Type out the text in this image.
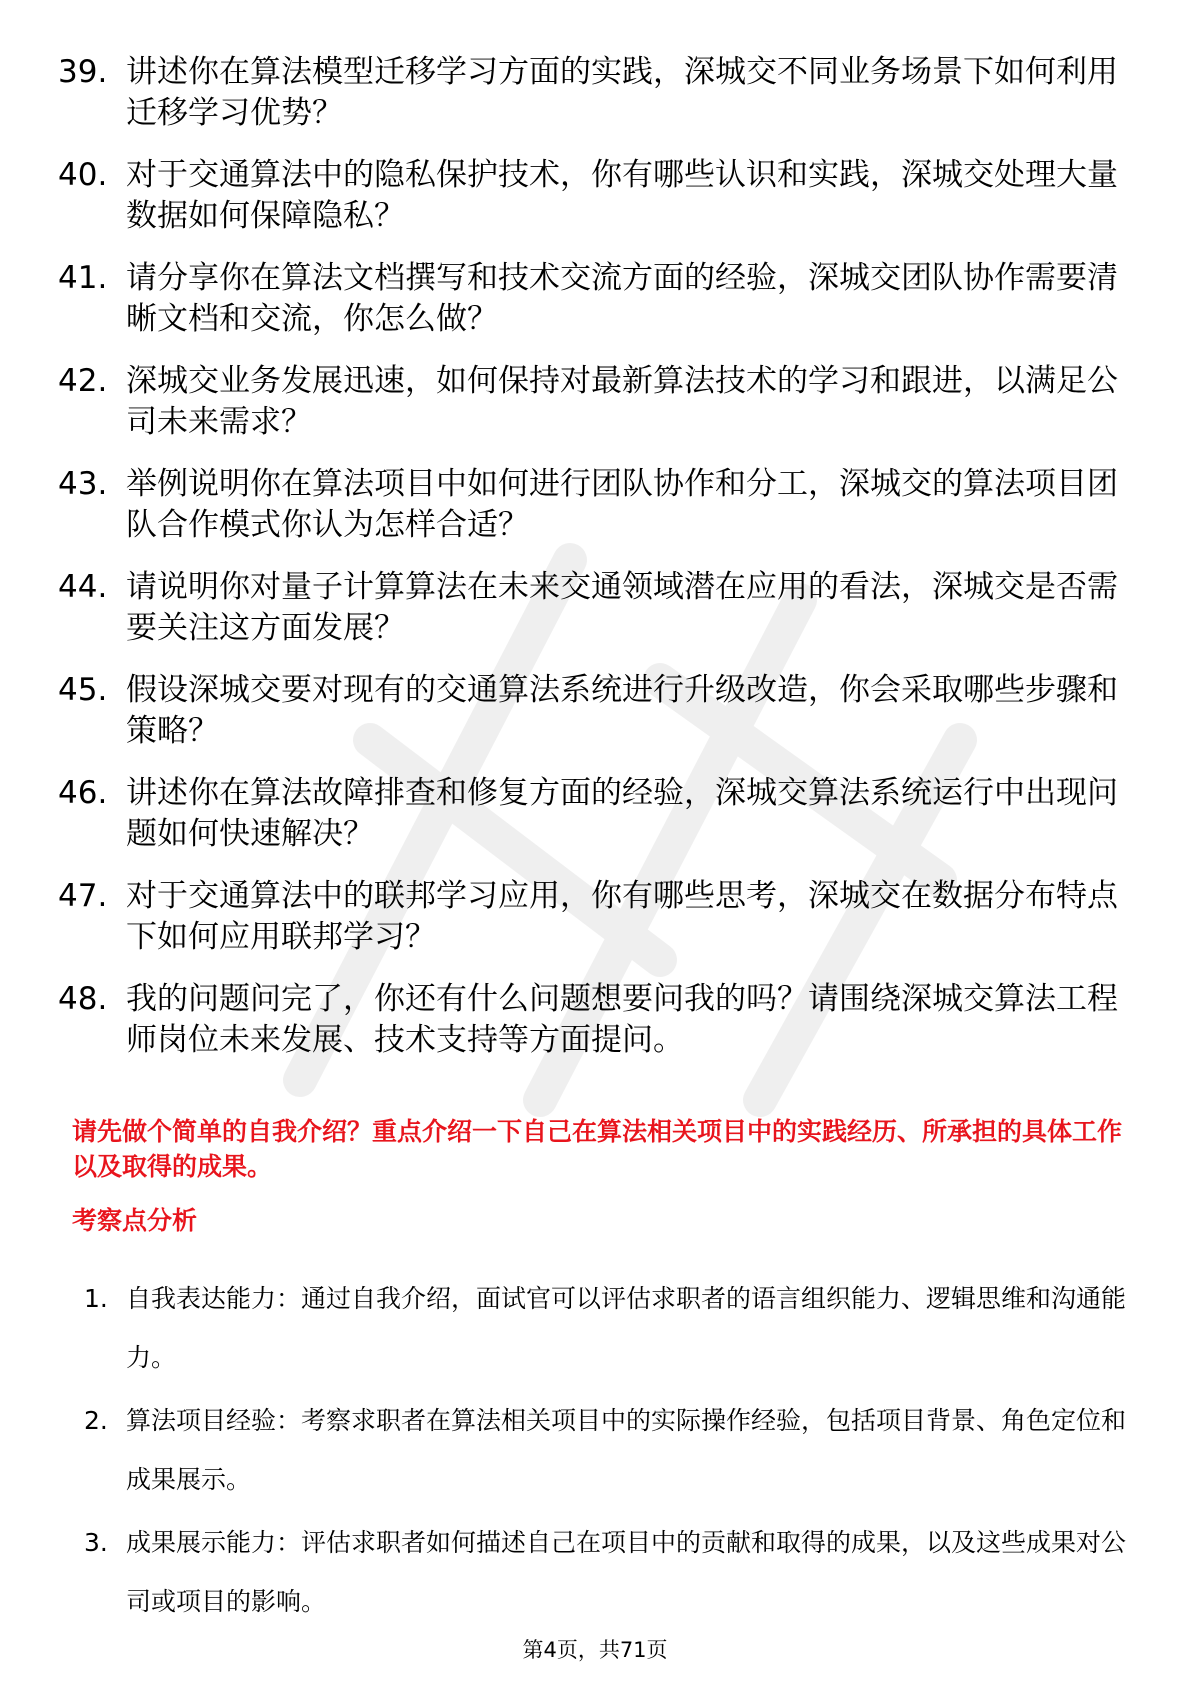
39. 讲述你在算法模型迁移学习方面的实践，深城交不同业务场景下如何利用迁移学习优势？
40. 对于交通算法中的隐私保护技术，你有哪些认识和实践，深城交处理大量数据如何保障隐私？
41. 请分享你在算法文档撰写和技术交流方面的经验，深城交团队协作需要清晰文档和交流，你怎么做？
42. 深城交业务发展迅速，如何保持对最新算法技术的学习和跟进，以满足公司未来需求？
43. 举例说明你在算法项目中如何进行团队协作和分工，深城交的算法项目团队合作模式你认为怎样合适？
44. 请说明你对量子计算算法在未来交通领域潜在应用的看法，深城交是否需要关注这方面发展？
45. 假设深城交要对现有的交通算法系统进行升级改造，你会采取哪些步骤和策略？
46. 讲述你在算法故障排查和修复方面的经验，深城交算法系统运行中出现问题如何快速解决？
47. 对于交通算法中的联邦学习应用，你有哪些思考，深城交在数据分布特点下如何应用联邦学习？
48. 我的问题问完了，你还有什么问题想要问我的吗？请围绕深城交算法工程师岗位未来发展、技术支持等方面提问。

请先做个简单的自我介绍？重点介绍一下自己在算法相关项目中的实践经历、所承担的具体工作以及取得的成果。

考察点分析
1. 自我表达能力：通过自我介绍，面试官可以评估求职者的语言组织能力、逻辑思维和沟通能力。
2. 算法项目经验：考察求职者在算法相关项目中的实际操作经验，包括项目背景、角色定位和成果展示。
3. 成果展示能力：评估求职者如何描述自己在项目中的贡献和取得的成果，以及这些成果对公司或项目的影响。
第4页，共71页
